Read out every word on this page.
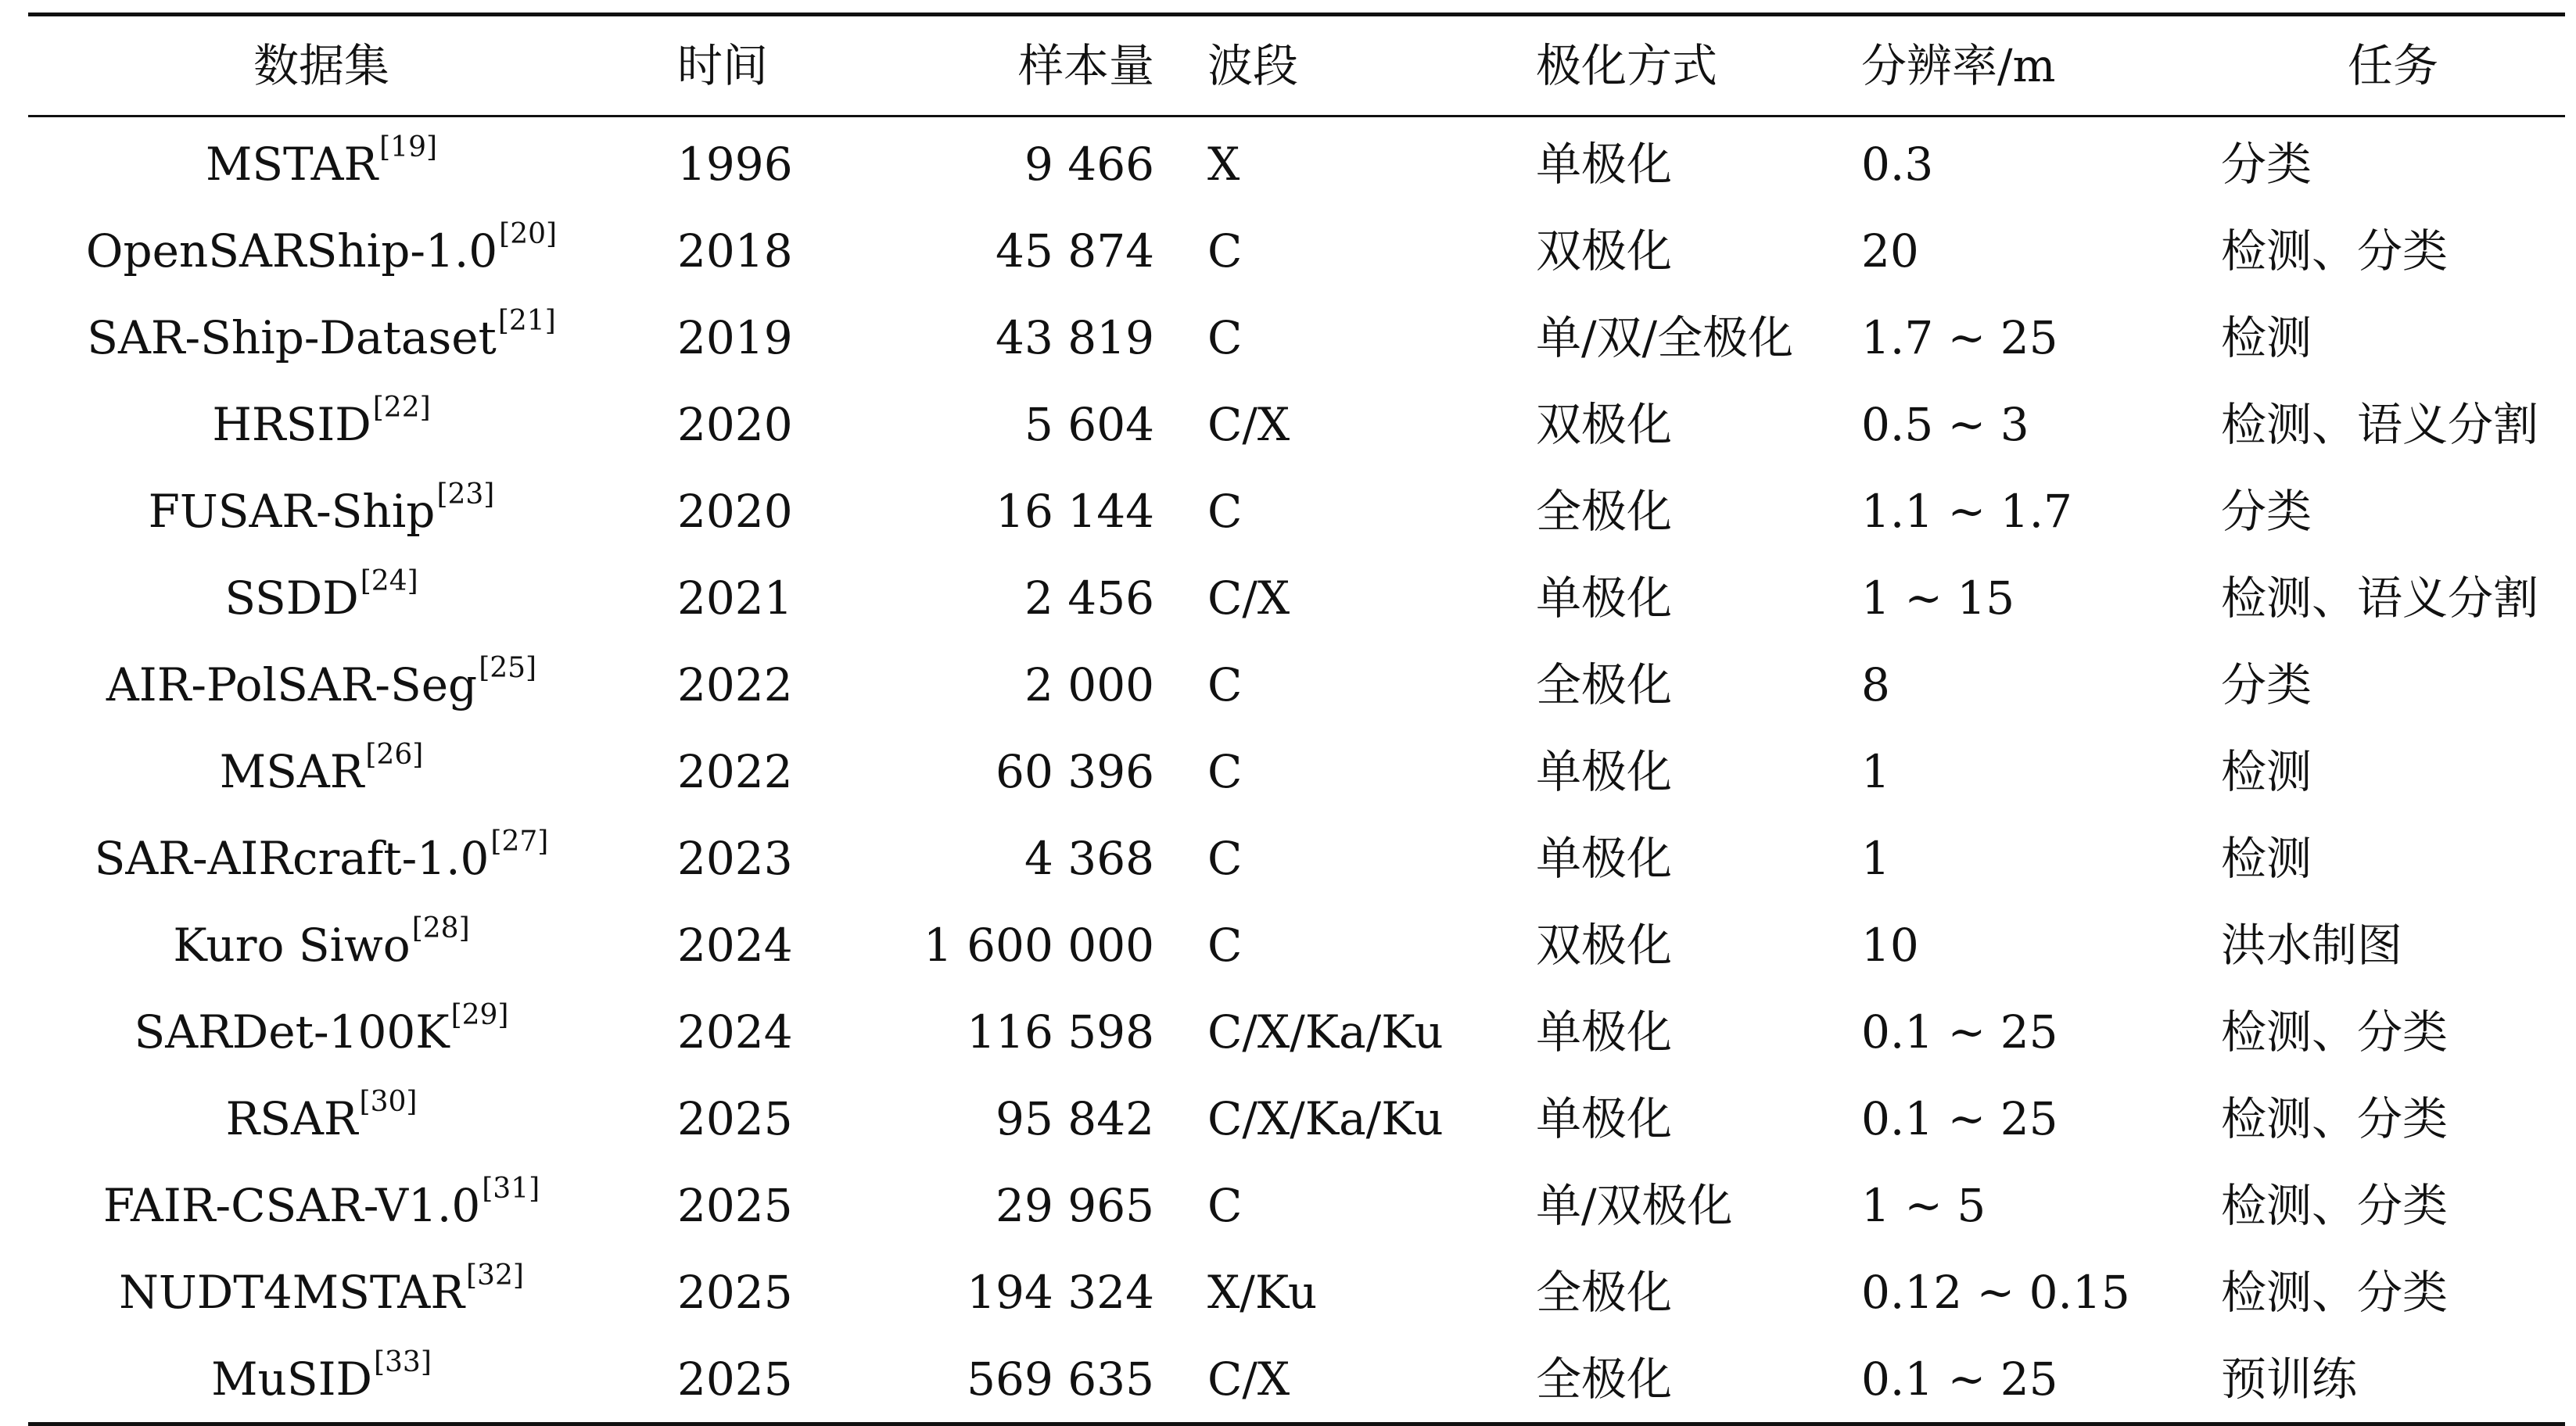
数据集	时间	样本量	波段	极化方式	分辨率/m	任务

MSTAR[19]	1996	9 466	X	单极化	0.3	分类
OpenSARShip-1.0[20]	2018	45 874	C	双极化	20	检测、分类
SAR-Ship-Dataset[21]	2019	43 819	C	单/双/全极化	1.7 ~ 25	检测
HRSID[22]	2020	5 604	C/X	双极化	0.5 ~ 3	检测、语义分割
FUSAR-Ship[23]	2020	16 144	C	全极化	1.1 ~ 1.7	分类
SSDD[24]	2021	2 456	C/X	单极化	1 ~ 15	检测、语义分割
AIR-PolSAR-Seg[25]	2022	2 000	C	全极化	8	分类
MSAR[26]	2022	60 396	C	单极化	1	检测
SAR-AIRcraft-1.0[27]	2023	4 368	C	单极化	1	检测
Kuro Siwo[28]	2024	1 600 000	C	双极化	10	洪水制图
SARDet-100K[29]	2024	116 598	C/X/Ka/Ku	单极化	0.1 ~ 25	检测、分类
RSAR[30]	2025	95 842	C/X/Ka/Ku	单极化	0.1 ~ 25	检测、分类
FAIR-CSAR-V1.0[31]	2025	29 965	C	单/双极化	1 ~ 5	检测、分类
NUDT4MSTAR[32]	2025	194 324	X/Ku	全极化	0.12 ~ 0.15	检测、分类
MuSID[33]	2025	569 635	C/X	全极化	0.1 ~ 25	预训练
